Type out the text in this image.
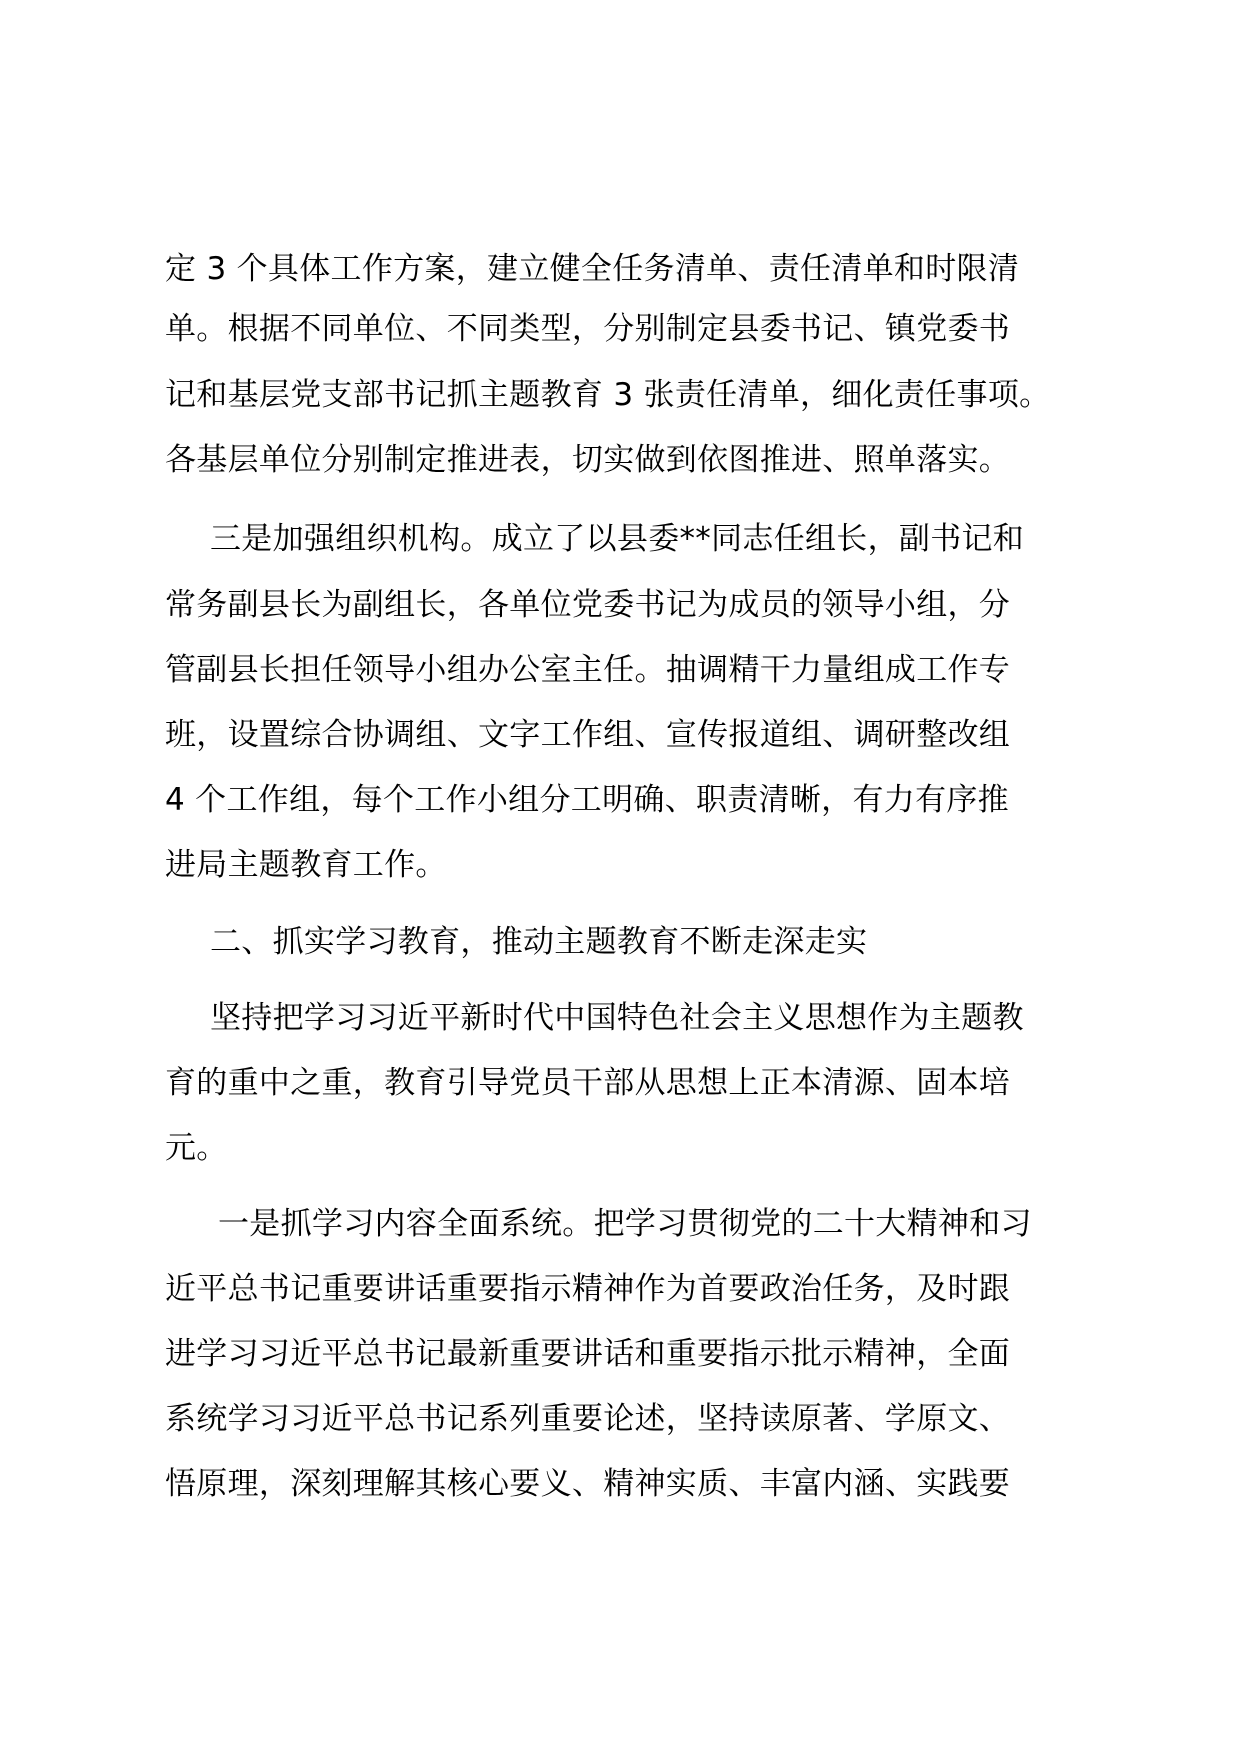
定 3 个具体工作方案，建立健全任务清单、责任清单和时限清
单。根据不同单位、不同类型，分别制定县委书记、镇党委书
记和基层党支部书记抓主题教育 3 张责任清单，细化责任事项。
各基层单位分别制定推进表，切实做到依图推进、照单落实。
三是加强组织机构。成立了以县委**同志任组长，副书记和
常务副县长为副组长，各单位党委书记为成员的领导小组，分
管副县长担任领导小组办公室主任。抽调精干力量组成工作专
班，设置综合协调组、文字工作组、宣传报道组、调研整改组
4 个工作组，每个工作小组分工明确、职责清晰，有力有序推
进局主题教育工作。
二、抓实学习教育，推动主题教育不断走深走实
坚持把学习习近平新时代中国特色社会主义思想作为主题教
育的重中之重，教育引导党员干部从思想上正本清源、固本培
元。
一是抓学习内容全面系统。把学习贯彻党的二十大精神和习
近平总书记重要讲话重要指示精神作为首要政治任务，及时跟
进学习习近平总书记最新重要讲话和重要指示批示精神，全面
系统学习习近平总书记系列重要论述，坚持读原著、学原文、
悟原理，深刻理解其核心要义、精神实质、丰富内涵、实践要
